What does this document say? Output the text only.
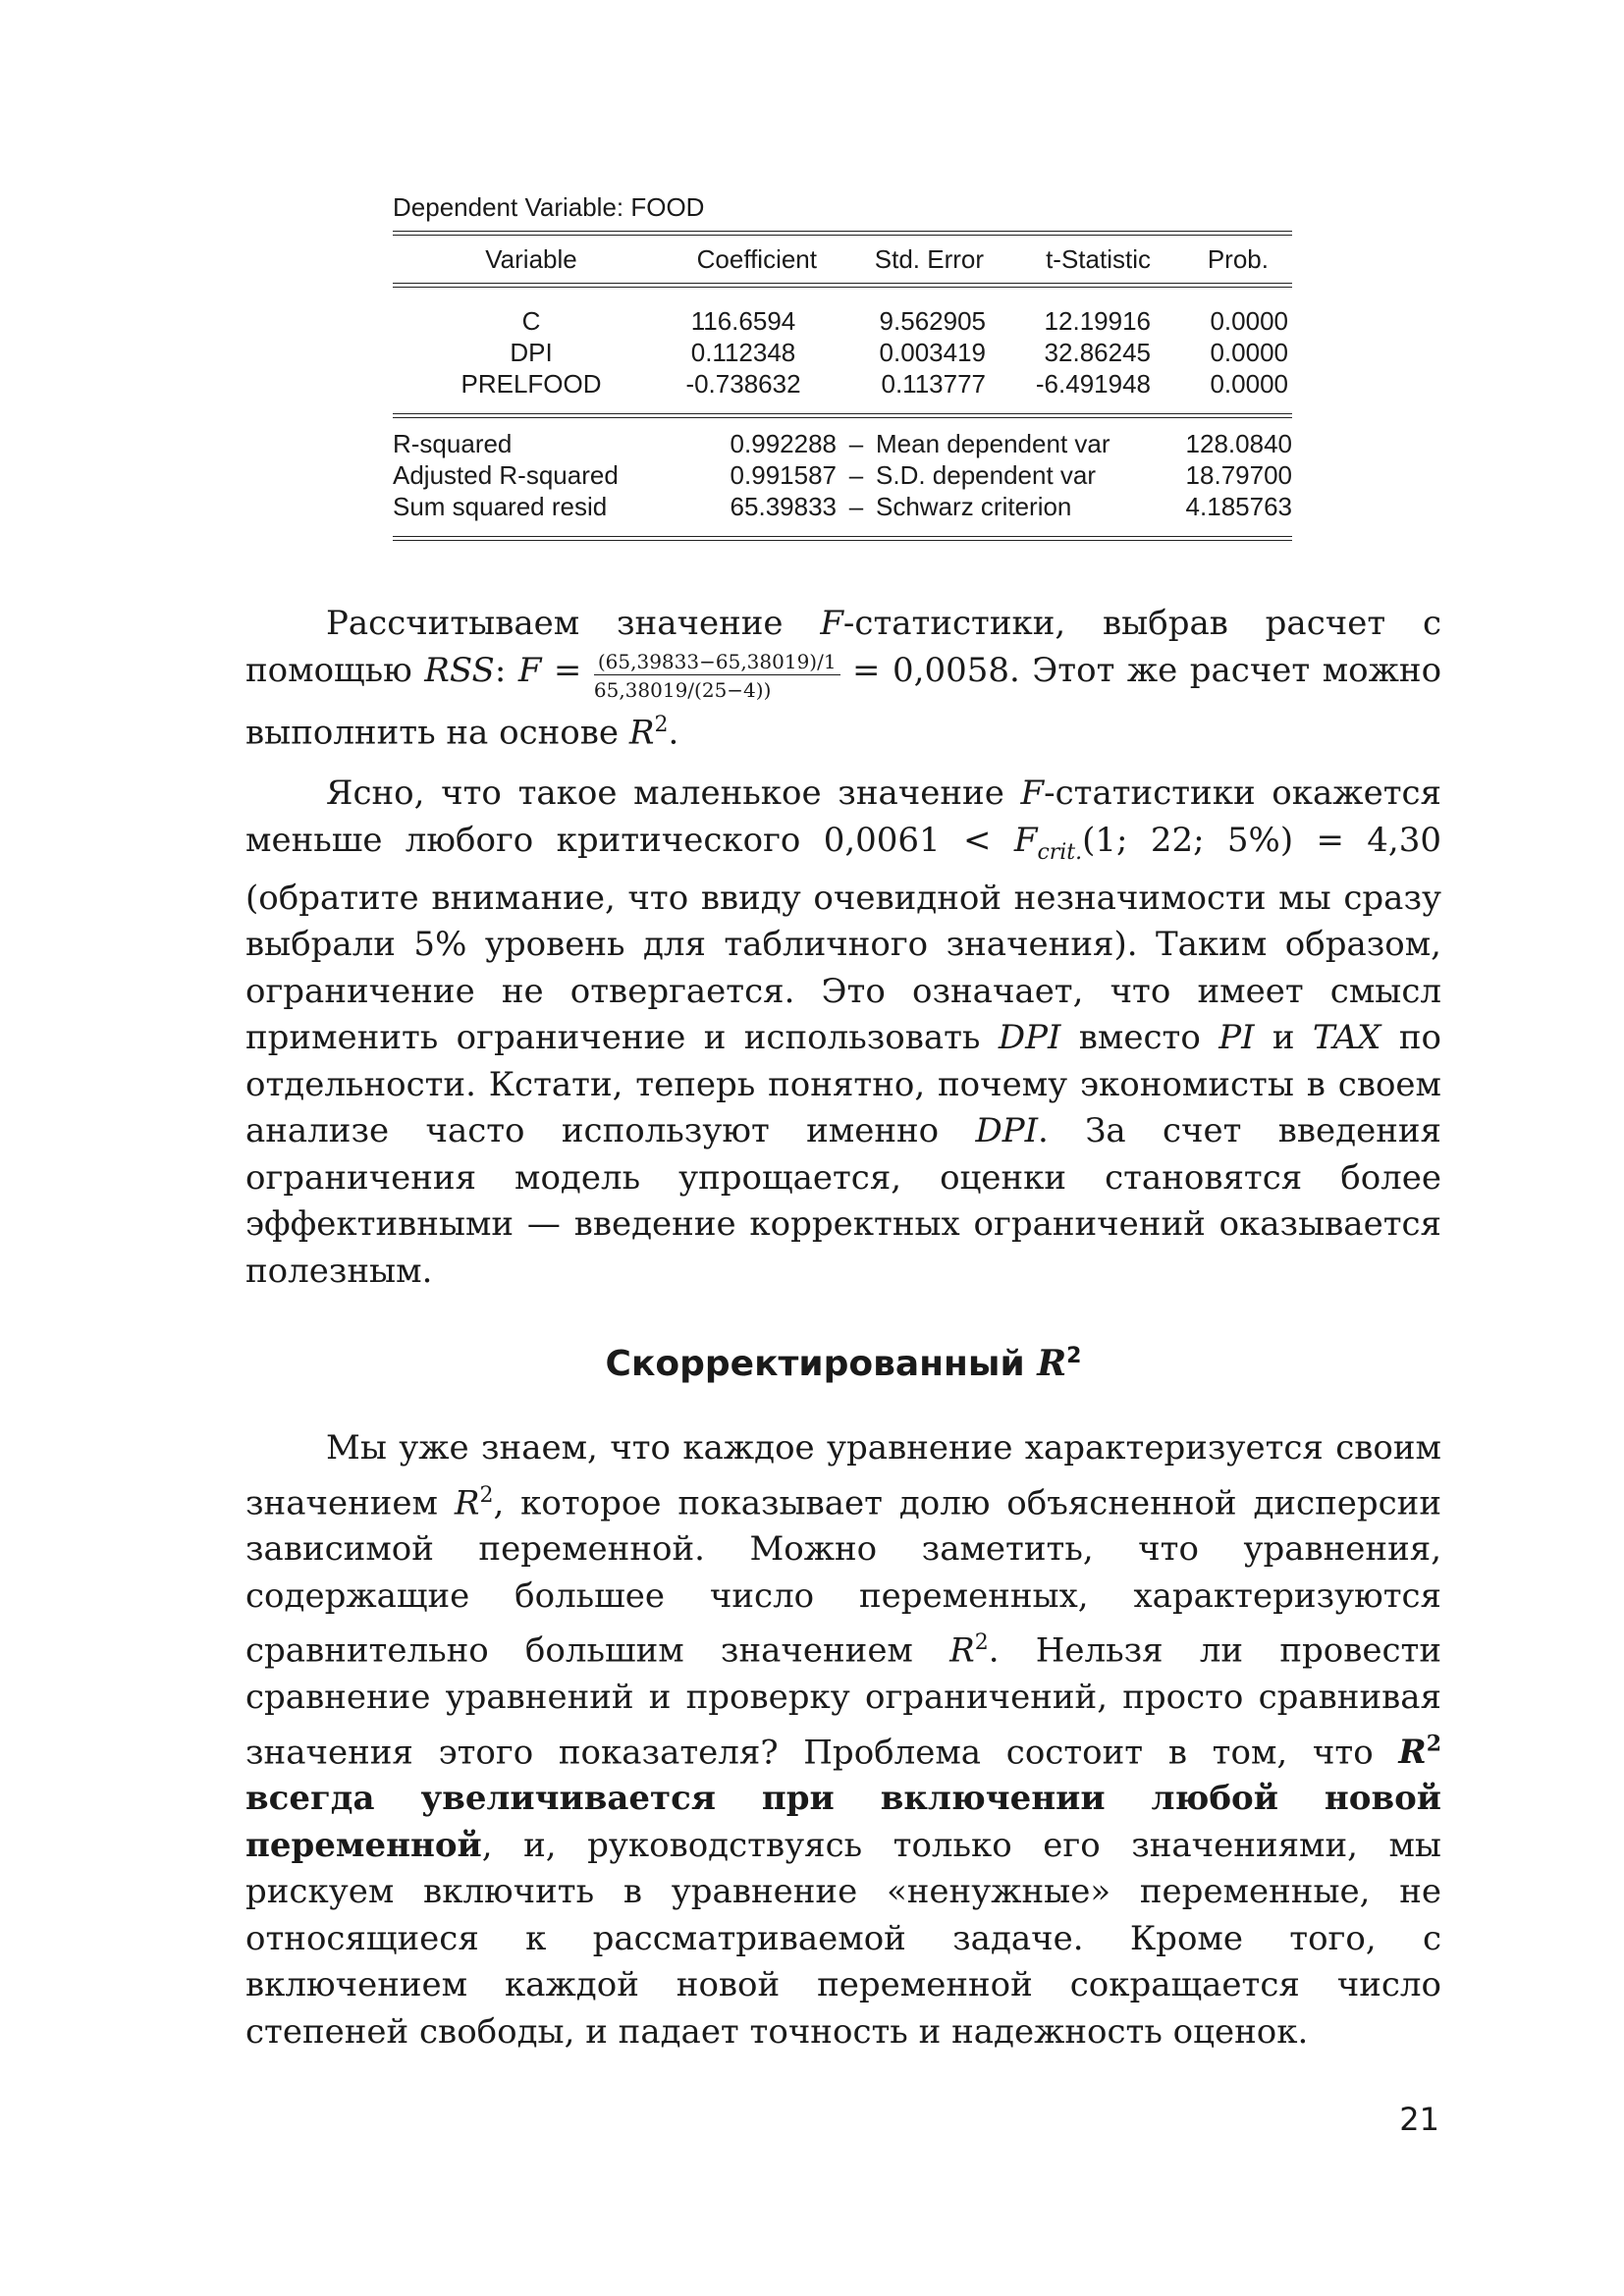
Dependent Variable: FOOD
Variable	Coefficient	Std. Error	t-Statistic	Prob.
C	116.6594	9.562905	12.19916	0.0000
DPI	0.112348	0.003419	32.86245	0.0000
PRELFOOD	-0.738632	0.113777	-6.491948	0.0000
R-squared	0.992288 – Mean dependent var	128.0840
Adjusted R-squared	0.991587 – S.D. dependent var	18.79700
Sum squared resid	65.39833 – Schwarz criterion	4.185763

Рассчитываем значение F-статистики, выбрав расчет с помощью RSS: $F = \frac{(65,39833-65,38019)/1}{65,38019/(25-4))} = 0,0058$. Этот же расчет можно выполнить на основе $R^2$.

Ясно, что такое маленькое значение F-статистики окажется меньше любого критического $0,0061 < F_{crit.}(1$; 22; 5%) = 4,30 (обратите внимание, что ввиду очевидной незначимости мы сразу выбрали 5% уровень для табличного значения). Таким образом, ограничение не отвергается. Это означает, что имеет смысл применить ограничение и использовать DPI вместо PI и TAX по отдельности. Кстати, теперь понятно, почему экономисты в своем анализе часто используют именно DPI. За счет введения ограничения модель упрощается, оценки становятся более эффективными — введение корректных ограничений оказывается полезным.

Скорректированный $R^2$

Мы уже знаем, что каждое уравнение характеризуется своим значением $R^2$, которое показывает долю объясненной дисперсии зависимой переменной. Можно заметить, что уравнения, содержащие большее число переменных, характеризуются сравнительно большим значением $R^2$. Нельзя ли провести сравнение уравнений и проверку ограничений, просто сравнивая значения этого показателя? Проблема состоит в том, что $R^2$ всегда увеличивается при включении любой новой переменной, и, руководствуясь только его значениями, мы рискуем включить в уравнение «ненужные» переменные, не относящиеся к рассматриваемой задаче. Кроме того, с включением каждой новой переменной сокращается число степеней свободы, и падает точность и надежность оценок.

21
